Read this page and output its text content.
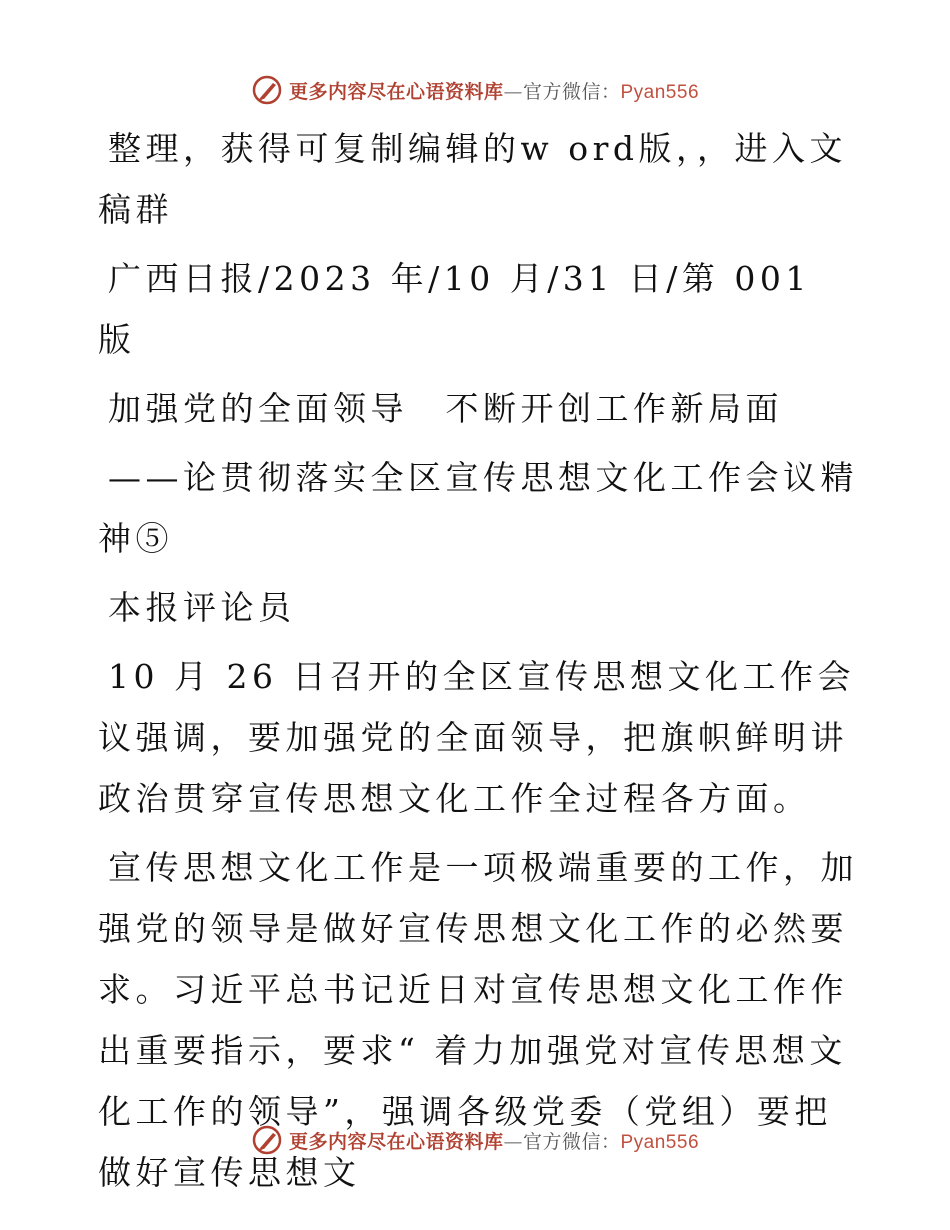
更多内容尽在心语资料库—官方微信：Pyan556

整理，获得可复制编辑的w ord版，，进入文稿群

广西日报/2023 年/10 月/31 日/第 001 版

加强党的全面领导　不断开创工作新局面

——论贯彻落实全区宣传思想文化工作会议精神⑤

本报评论员

10 月 26 日召开的全区宣传思想文化工作会议强调，要加强党的全面领导，把旗帜鲜明讲政治贯穿宣传思想文化工作全过程各方面。

宣传思想文化工作是一项极端重要的工作，加强党的领导是做好宣传思想文化工作的必然要求。习近平总书记近日对宣传思想文化工作作出重要指示，要求“ 着力加强党对宣传思想文化工作的领导”，强调各级党委（党组）要把做好宣传思想文

更多内容尽在心语资料库—官方微信：Pyan556
